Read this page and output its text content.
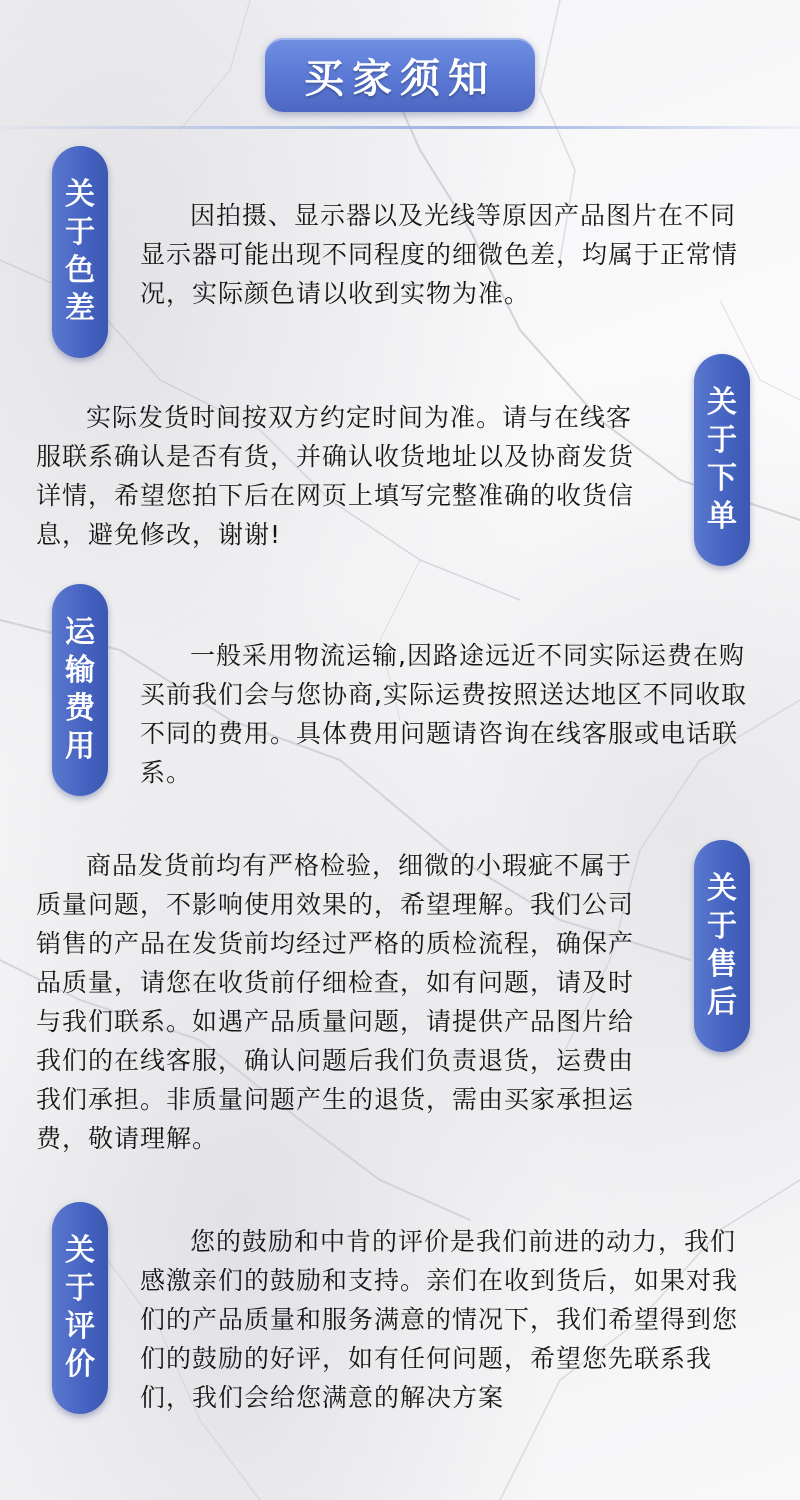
买家须知
关于色差

因拍摄、显示器以及光线等原因产品图片在不同显示器可能出现不同程度的细微色差，均属于正常情况，实际颜色请以收到实物为准。

关于下单

实际发货时间按双方约定时间为准。请与在线客服联系确认是否有货，并确认收货地址以及协商发货详情，希望您拍下后在网页上填写完整准确的收货信息，避免修改，谢谢!

运输费用

一般采用物流运输,因路途远近不同实际运费在购买前我们会与您协商,实际运费按照送达地区不同收取不同的费用。具体费用问题请咨询在线客服或电话联系。

关于售后

商品发货前均有严格检验，细微的小瑕疵不属于质量问题，不影响使用效果的，希望理解。我们公司销售的产品在发货前均经过严格的质检流程，确保产品质量，请您在收货前仔细检查，如有问题，请及时与我们联系。如遇产品质量问题，请提供产品图片给我们的在线客服，确认问题后我们负责退货，运费由我们承担。非质量问题产生的退货，需由买家承担运费，敬请理解。

关于评价

您的鼓励和中肯的评价是我们前进的动力，我们感激亲们的鼓励和支持。亲们在收到货后，如果对我们的产品质量和服务满意的情况下，我们希望得到您们的鼓励的好评，如有任何问题，希望您先联系我们，我们会给您满意的解决方案
